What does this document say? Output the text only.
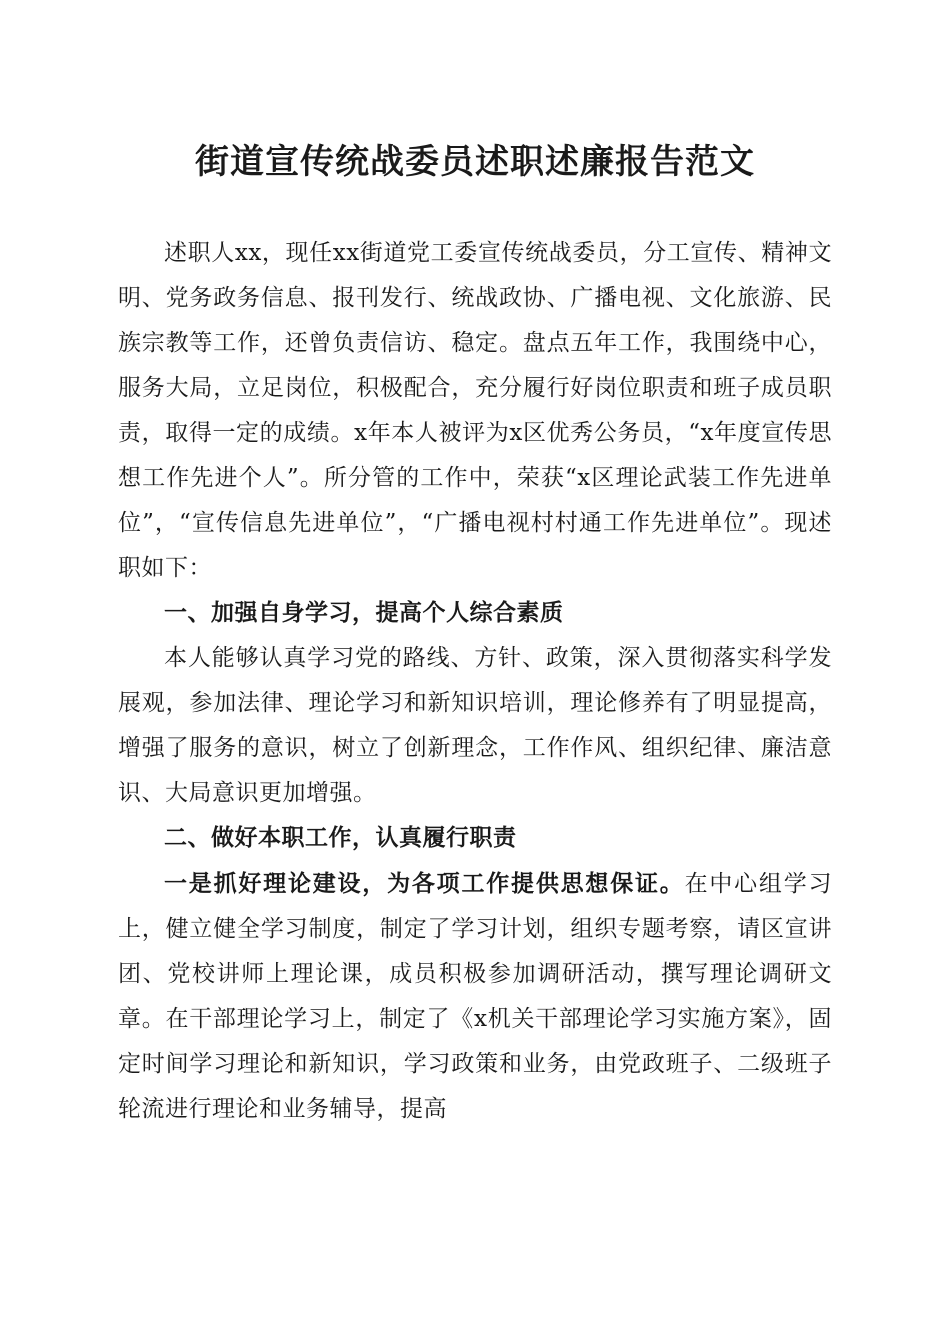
街道宣传统战委员述职述廉报告范文

述职人xx，现任xx街道党工委宣传统战委员，分工宣传、精神文明、党务政务信息、报刊发行、统战政协、广播电视、文化旅游、民族宗教等工作，还曾负责信访、稳定。盘点五年工作，我围绕中心，服务大局，立足岗位，积极配合，充分履行好岗位职责和班子成员职责，取得一定的成绩。x年本人被评为x区优秀公务员，“x年度宣传思想工作先进个人”。所分管的工作中，荣获“x区理论武装工作先进单位”，“宣传信息先进单位”，“广播电视村村通工作先进单位”。现述职如下：

一、加强自身学习，提高个人综合素质

本人能够认真学习党的路线、方针、政策，深入贯彻落实科学发展观，参加法律、理论学习和新知识培训，理论修养有了明显提高，增强了服务的意识，树立了创新理念，工作作风、组织纪律、廉洁意识、大局意识更加增强。

二、做好本职工作，认真履行职责

一是抓好理论建设，为各项工作提供思想保证。在中心组学习上，健立健全学习制度，制定了学习计划，组织专题考察，请区宣讲团、党校讲师上理论课，成员积极参加调研活动，撰写理论调研文章。在干部理论学习上，制定了《x机关干部理论学习实施方案》，固定时间学习理论和新知识，学习政策和业务，由党政班子、二级班子轮流进行理论和业务辅导，提高
